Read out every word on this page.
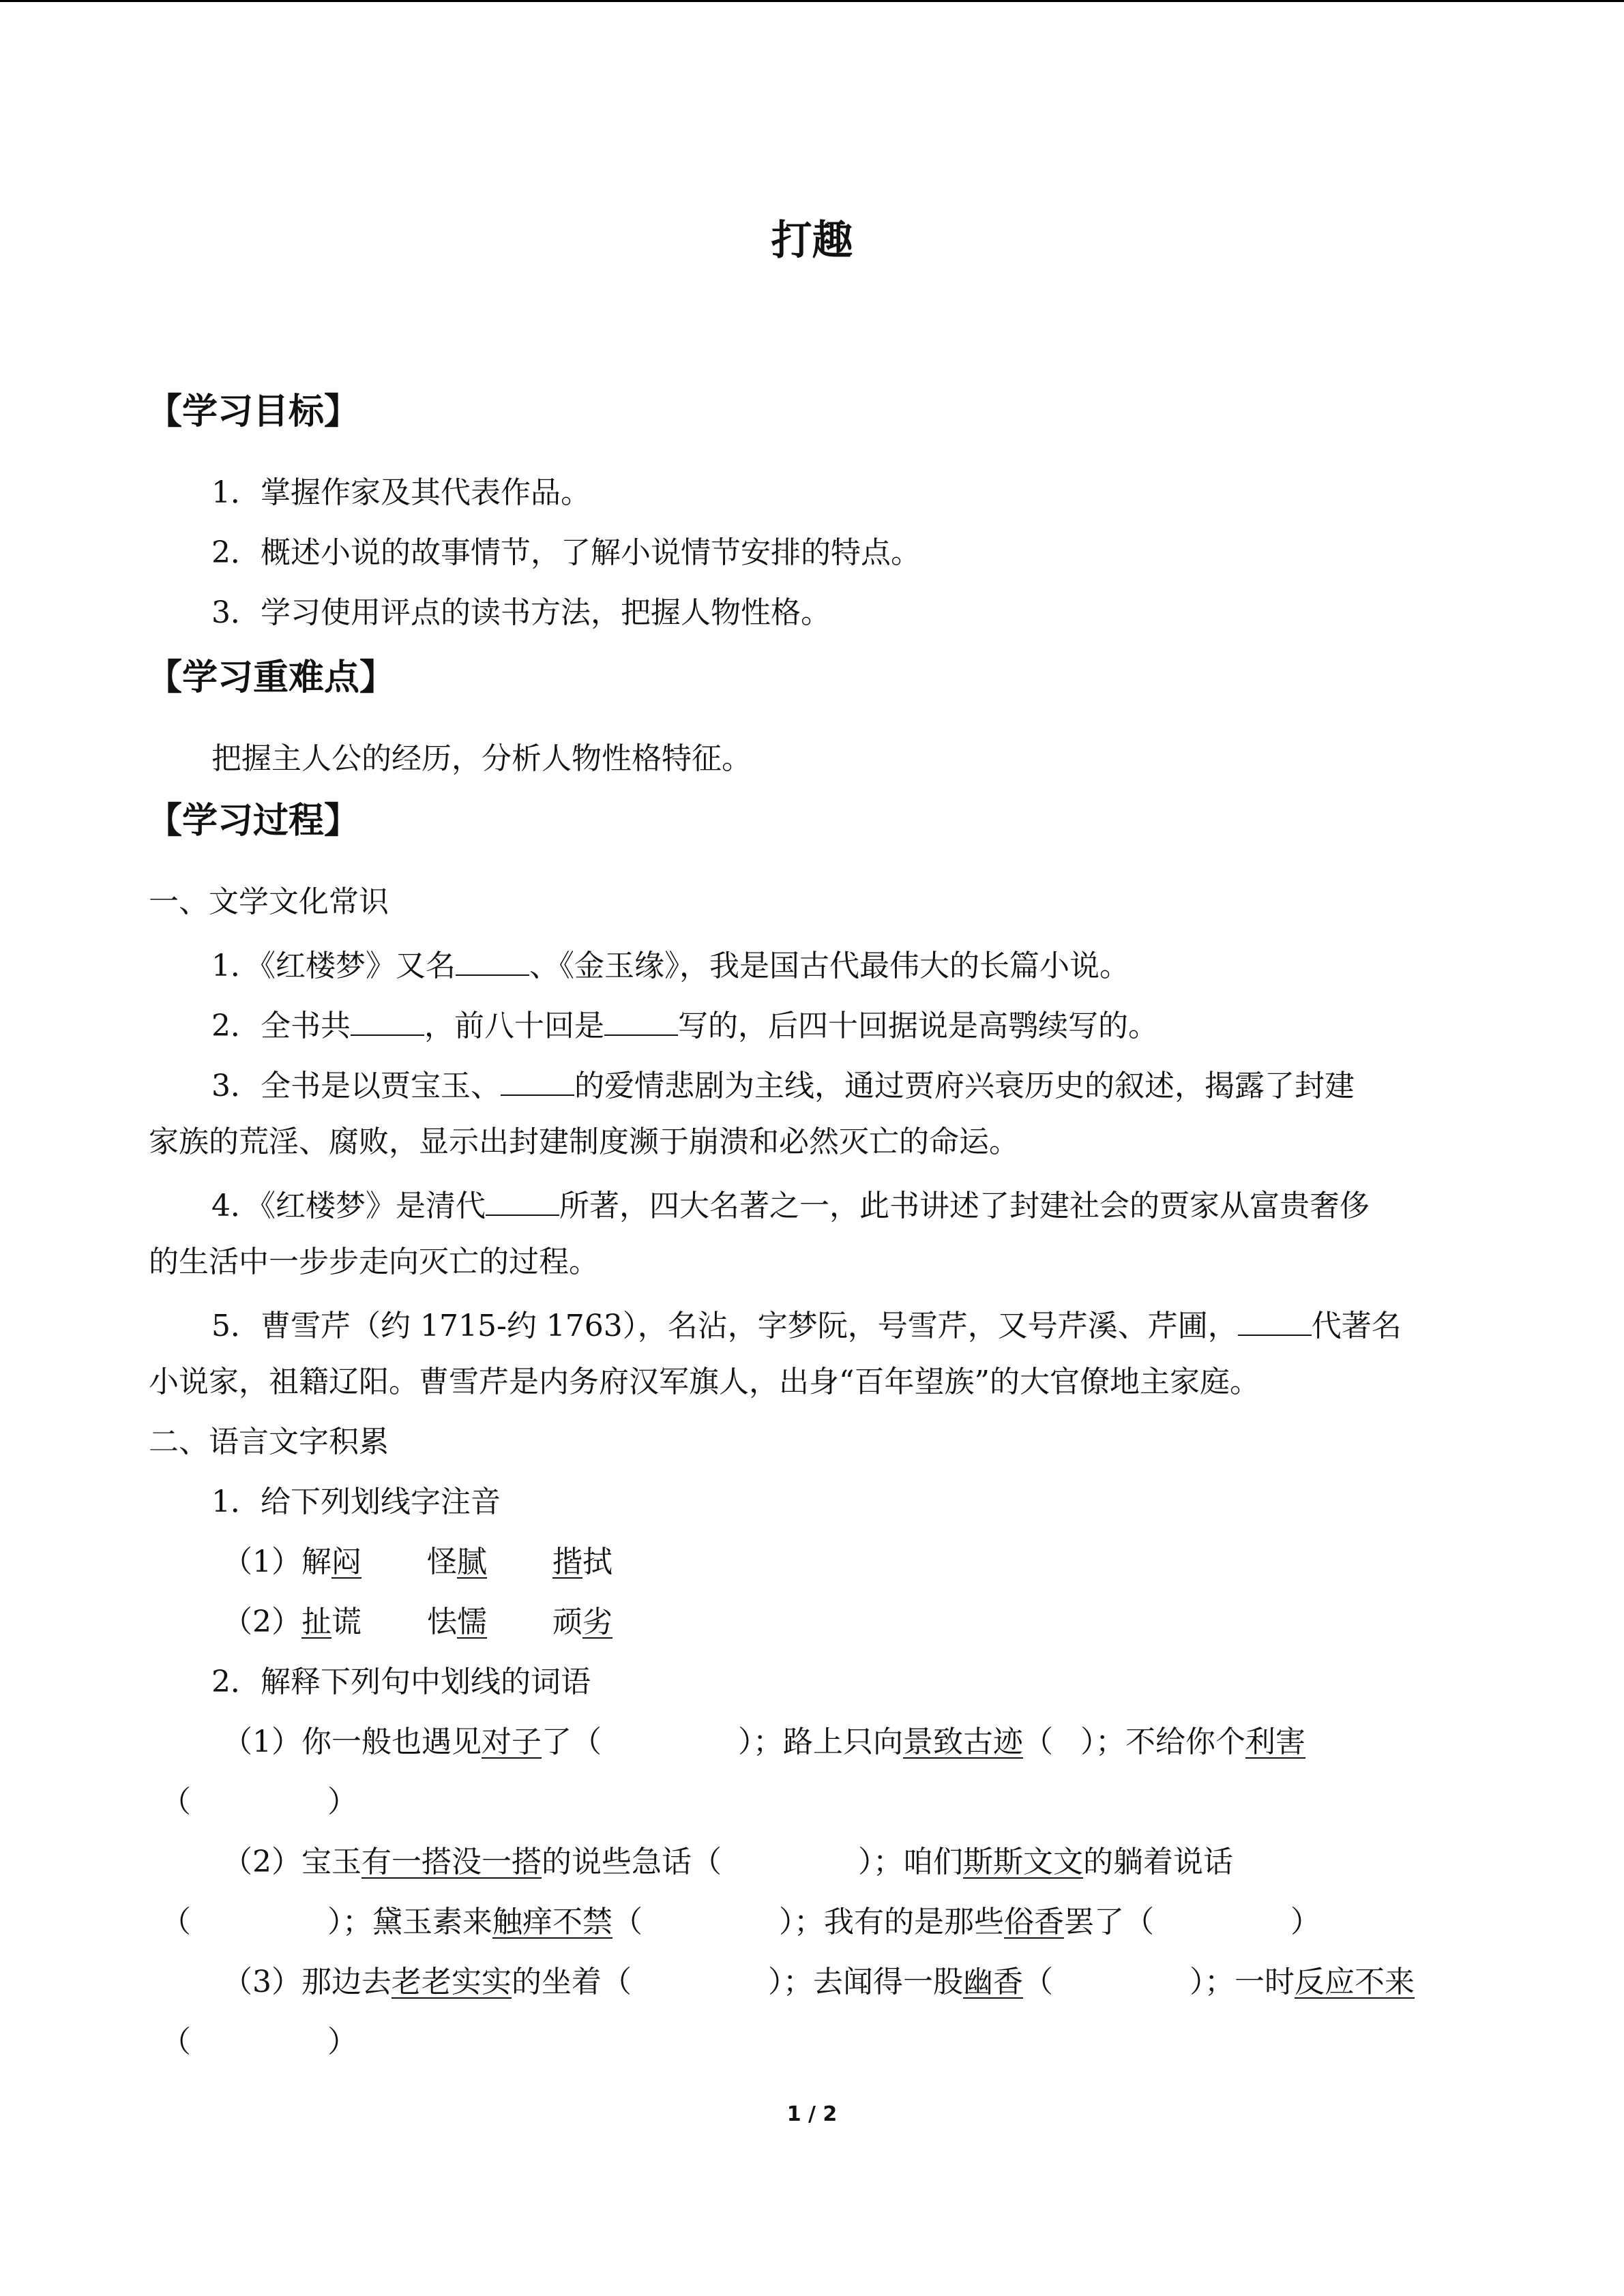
打趣
【学习目标】
1．掌握作家及其代表作品。
2．概述小说的故事情节，了解小说情节安排的特点。
3．学习使用评点的读书方法，把握人物性格。
【学习重难点】
把握主人公的经历，分析人物性格特征。
【学习过程】
一、文学文化常识
1．《红楼梦》又名 、《金玉缘》，我是国古代最伟大的长篇小说。
2．全书共 ，前八十回是 写的，后四十回据说是高鹗续写的。
3．全书是以贾宝玉、 的爱情悲剧为主线，通过贾府兴衰历史的叙述，揭露了封建
家族的荒淫、腐败，显示出封建制度濒于崩溃和必然灭亡的命运。
4．《红楼梦》是清代 所著，四大名著之一，此书讲述了封建社会的贾家从富贵奢侈
的生活中一步步走向灭亡的过程。
5．曹雪芹（约 1715-约 1763），名沾，字梦阮，号雪芹，又号芹溪、芹圃， 代著名
小说家，祖籍辽阳。曹雪芹是内务府汉军旗人，出身“百年望族”的大官僚地主家庭。
二、语言文字积累
1．给下列划线字注音
（1）解闷 怪腻 揩拭
（2）扯谎 怯懦 顽劣
2．解释下列句中划线的词语
（1）你一般也遇见对子了（	）；路上只向景致古迹（ ）；不给你个利害
（	）
（2）宝玉有一搭没一搭的说些急话（	）；咱们斯斯文文的躺着说话
（	）；黛玉素来触痒不禁（	）；我有的是那些俗香罢了（	）
（3）那边去老老实实的坐着（	）；去闻得一股幽香（	）；一时反应不来
（	）
1 / 2
